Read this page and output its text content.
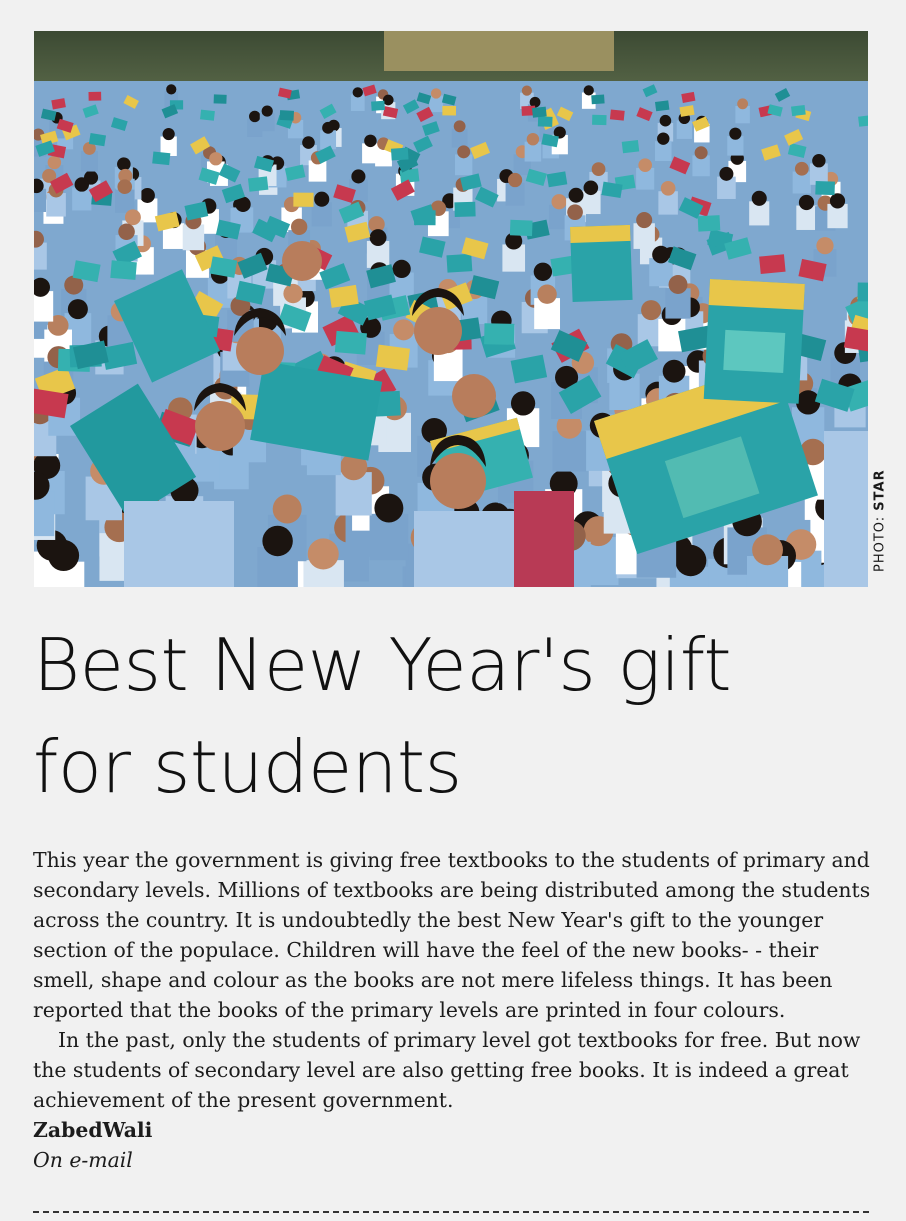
PHOTO: STAR
Best New Year's gift
for students

This year the government is giving free textbooks to the students of primary and secondary levels. Millions of textbooks are being distributed among the students across the country. It is undoubtedly the best New Year's gift to the younger section of the populace. Children will have the feel of the new books- - their smell, shape and colour as the books are not mere lifeless things. It has been reported that the books of the primary levels are printed in four colours.

In the past, only the students of primary level got textbooks for free. But now the students of secondary level are also getting free books. It is indeed a great achievement of the present government.

ZabedWali

On e-mail
